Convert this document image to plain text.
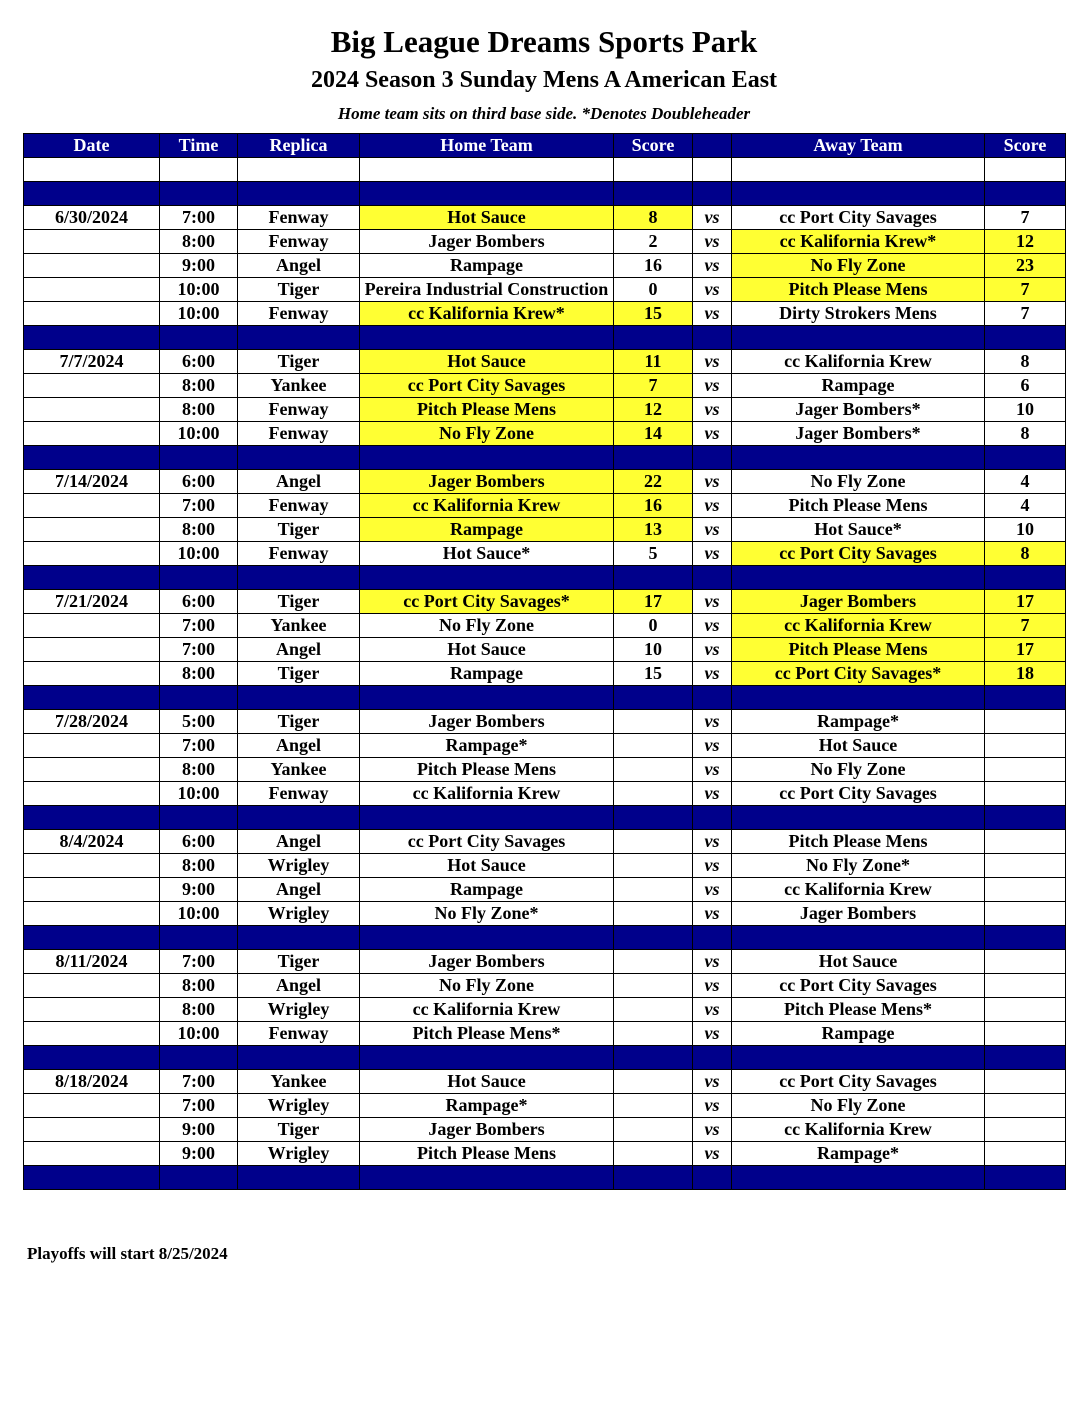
Big League Dreams Sports Park
2024 Season 3 Sunday Mens A American East
Home team sits on third base side. *Denotes Doubleheader
Date	Time	Replica	Home Team	Score		Away Team	Score

6/30/2024	7:00	Fenway	Hot Sauce	8	vs	cc Port City Savages	7
	8:00	Fenway	Jager Bombers	2	vs	cc Kalifornia Krew*	12
	9:00	Angel	Rampage	16	vs	No Fly Zone	23
	10:00	Tiger	Pereira Industrial Construction	0	vs	Pitch Please Mens	7
	10:00	Fenway	cc Kalifornia Krew*	15	vs	Dirty Strokers Mens	7

7/7/2024	6:00	Tiger	Hot Sauce	11	vs	cc Kalifornia Krew	8
	8:00	Yankee	cc Port City Savages	7	vs	Rampage	6
	8:00	Fenway	Pitch Please Mens	12	vs	Jager Bombers*	10
	10:00	Fenway	No Fly Zone	14	vs	Jager Bombers*	8

7/14/2024	6:00	Angel	Jager Bombers	22	vs	No Fly Zone	4
	7:00	Fenway	cc Kalifornia Krew	16	vs	Pitch Please Mens	4
	8:00	Tiger	Rampage	13	vs	Hot Sauce*	10
	10:00	Fenway	Hot Sauce*	5	vs	cc Port City Savages	8

7/21/2024	6:00	Tiger	cc Port City Savages*	17	vs	Jager Bombers	17
	7:00	Yankee	No Fly Zone	0	vs	cc Kalifornia Krew	7
	7:00	Angel	Hot Sauce	10	vs	Pitch Please Mens	17
	8:00	Tiger	Rampage	15	vs	cc Port City Savages*	18

7/28/2024	5:00	Tiger	Jager Bombers		vs	Rampage*	
	7:00	Angel	Rampage*		vs	Hot Sauce	
	8:00	Yankee	Pitch Please Mens		vs	No Fly Zone	
	10:00	Fenway	cc Kalifornia Krew		vs	cc Port City Savages	

8/4/2024	6:00	Angel	cc Port City Savages		vs	Pitch Please Mens	
	8:00	Wrigley	Hot Sauce		vs	No Fly Zone*	
	9:00	Angel	Rampage		vs	cc Kalifornia Krew	
	10:00	Wrigley	No Fly Zone*		vs	Jager Bombers	

8/11/2024	7:00	Tiger	Jager Bombers		vs	Hot Sauce	
	8:00	Angel	No Fly Zone		vs	cc Port City Savages	
	8:00	Wrigley	cc Kalifornia Krew		vs	Pitch Please Mens*	
	10:00	Fenway	Pitch Please Mens*		vs	Rampage	

8/18/2024	7:00	Yankee	Hot Sauce		vs	cc Port City Savages	
	7:00	Wrigley	Rampage*		vs	No Fly Zone	
	9:00	Tiger	Jager Bombers		vs	cc Kalifornia Krew	
	9:00	Wrigley	Pitch Please Mens		vs	Rampage*	

Playoffs will start 8/25/2024
